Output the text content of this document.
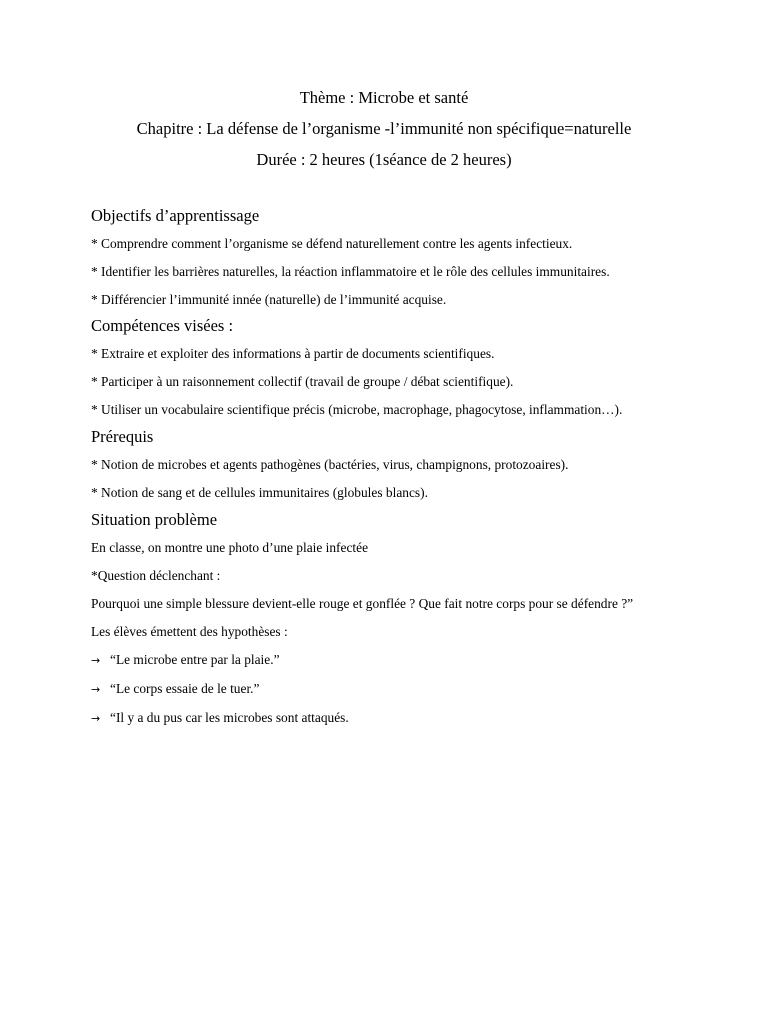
Thème : Microbe et santé
Chapitre : La défense de l’organisme -l’immunité non spécifique=naturelle
Durée : 2 heures (1séance de 2 heures)
Objectifs d’apprentissage
* Comprendre comment l’organisme se défend naturellement contre les agents infectieux.
* Identifier les barrières naturelles, la réaction inflammatoire et le rôle des cellules immunitaires.
* Différencier l’immunité innée (naturelle) de l’immunité acquise.
Compétences visées :
* Extraire et exploiter des informations à partir de documents scientifiques.
* Participer à un raisonnement collectif (travail de groupe / débat scientifique).
* Utiliser un vocabulaire scientifique précis (microbe, macrophage, phagocytose, inflammation…).
Prérequis
* Notion de microbes et agents pathogènes (bactéries, virus, champignons, protozoaires).
* Notion de sang et de cellules immunitaires (globules blancs).
Situation problème
En classe, on montre une photo d’une plaie infectée
*Question déclenchant :
Pourquoi une simple blessure devient-elle rouge et gonflée ? Que fait notre corps pour se défendre ?”
Les élèves émettent des hypothèses :
→ “Le microbe entre par la plaie.”
→ “Le corps essaie de le tuer.”
→ “Il y a du pus car les microbes sont attaqués.
